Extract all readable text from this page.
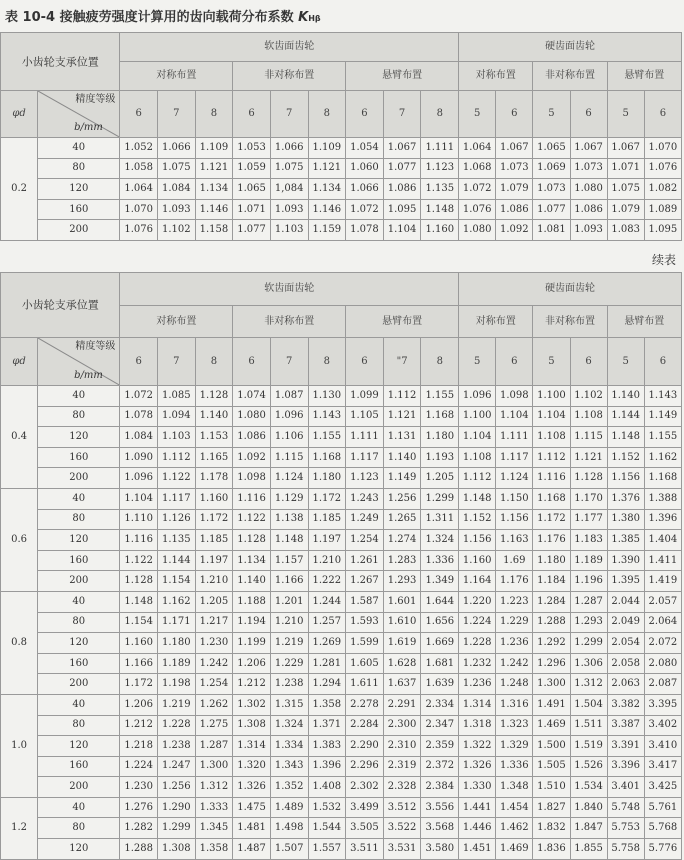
表 10-4 接触疲劳强度计算用的齿向载荷分布系数 KHβ
小齿轮支承位置		软齿面齿轮									硬齿面齿轮					
		对称布置			非对称布置			悬臂布置			对称布置		非对称布置		悬臂布置	
φd	精度等级
b/mm	6	7	8	6	7	8	6	7	8	5	6	5	6	5	6
0.2	40	1.052	1.066	1.109	1.053	1.066	1.109	1.054	1.067	1.111	1.064	1.067	1.065	1.067	1.067	1.070
	80	1.058	1.075	1.121	1.059	1.075	1.121	1.060	1.077	1.123	1.068	1.073	1.069	1.073	1.071	1.076
	120	1.064	1.084	1.134	1.065	1,084	1.134	1.066	1.086	1.135	1.072	1.079	1.073	1.080	1.075	1.082
	160	1.070	1.093	1.146	1.071	1.093	1.146	1.072	1.095	1.148	1.076	1.086	1.077	1.086	1.079	1.089
	200	1.076	1.102	1.158	1.077	1.103	1.159	1.078	1.104	1.160	1.080	1.092	1.081	1.093	1.083	1.095
续表
小齿轮支承位置		软齿面齿轮									硬齿面齿轮					
		对称布置			非对称布置			悬臂布置			对称布置		非对称布置		悬臂布置	
φd	精度等级
b/mm	6	7	8	6	7	8	6	"7	8	5	6	5	6	5	6
0.4	40	1.072	1.085	1.128	1.074	1.087	1.130	1.099	1.112	1.155	1.096	1.098	1.100	1.102	1.140	1.143
	80	1.078	1.094	1.140	1.080	1.096	1.143	1.105	1.121	1.168	1.100	1.104	1.104	1.108	1.144	1.149
	120	1.084	1.103	1.153	1.086	1.106	1.155	1.111	1.131	1.180	1.104	1.111	1.108	1.115	1.148	1.155
	160	1.090	1.112	1.165	1.092	1.115	1.168	1.117	1.140	1.193	1.108	1.117	1.112	1.121	1.152	1.162
	200	1.096	1.122	1.178	1.098	1.124	1.180	1.123	1.149	1.205	1.112	1.124	1.116	1.128	1.156	1.168
0.6	40	1.104	1.117	1.160	1.116	1.129	1.172	1.243	1.256	1.299	1.148	1.150	1.168	1.170	1.376	1.388
	80	1.110	1.126	1.172	1.122	1.138	1.185	1.249	1.265	1.311	1.152	1.156	1.172	1.177	1.380	1.396
	120	1.116	1.135	1.185	1.128	1.148	1.197	1.254	1.274	1.324	1.156	1.163	1.176	1.183	1.385	1.404
	160	1.122	1.144	1.197	1.134	1.157	1.210	1.261	1.283	1.336	1.160	1.69	1.180	1.189	1.390	1.411
	200	1.128	1.154	1.210	1.140	1.166	1.222	1.267	1.293	1.349	1.164	1.176	1.184	1.196	1.395	1.419
0.8	40	1.148	1.162	1.205	1.188	1.201	1.244	1.587	1.601	1.644	1.220	1.223	1.284	1.287	2.044	2.057
	80	1.154	1.171	1.217	1.194	1.210	1.257	1.593	1.610	1.656	1.224	1.229	1.288	1.293	2.049	2.064
	120	1.160	1.180	1.230	1.199	1.219	1.269	1.599	1.619	1.669	1.228	1.236	1.292	1.299	2.054	2.072
	160	1.166	1.189	1.242	1.206	1.229	1.281	1.605	1.628	1.681	1.232	1.242	1.296	1.306	2.058	2.080
	200	1.172	1.198	1.254	1.212	1.238	1.294	1.611	1.637	1.639	1.236	1.248	1.300	1.312	2.063	2.087
1.0	40	1.206	1.219	1.262	1.302	1.315	1.358	2.278	2.291	2.334	1.314	1.316	1.491	1.504	3.382	3.395
	80	1.212	1.228	1.275	1.308	1.324	1.371	2.284	2.300	2.347	1.318	1.323	1.469	1.511	3.387	3.402
	120	1.218	1.238	1.287	1.314	1.334	1.383	2.290	2.310	2.359	1.322	1.329	1.500	1.519	3.391	3.410
	160	1.224	1.247	1.300	1.320	1.343	1.396	2.296	2.319	2.372	1.326	1.336	1.505	1.526	3.396	3.417
	200	1.230	1.256	1.312	1.326	1.352	1.408	2.302	2.328	2.384	1.330	1.348	1.510	1.534	3.401	3.425
1.2	40	1.276	1.290	1.333	1.475	1.489	1.532	3.499	3.512	3.556	1.441	1.454	1.827	1.840	5.748	5.761
	80	1.282	1.299	1.345	1.481	1.498	1.544	3.505	3.522	3.568	1.446	1.462	1.832	1.847	5.753	5.768
	120	1.288	1.308	1.358	1.487	1.507	1.557	3.511	3.531	3.580	1.451	1.469	1.836	1.855	5.758	5.776
